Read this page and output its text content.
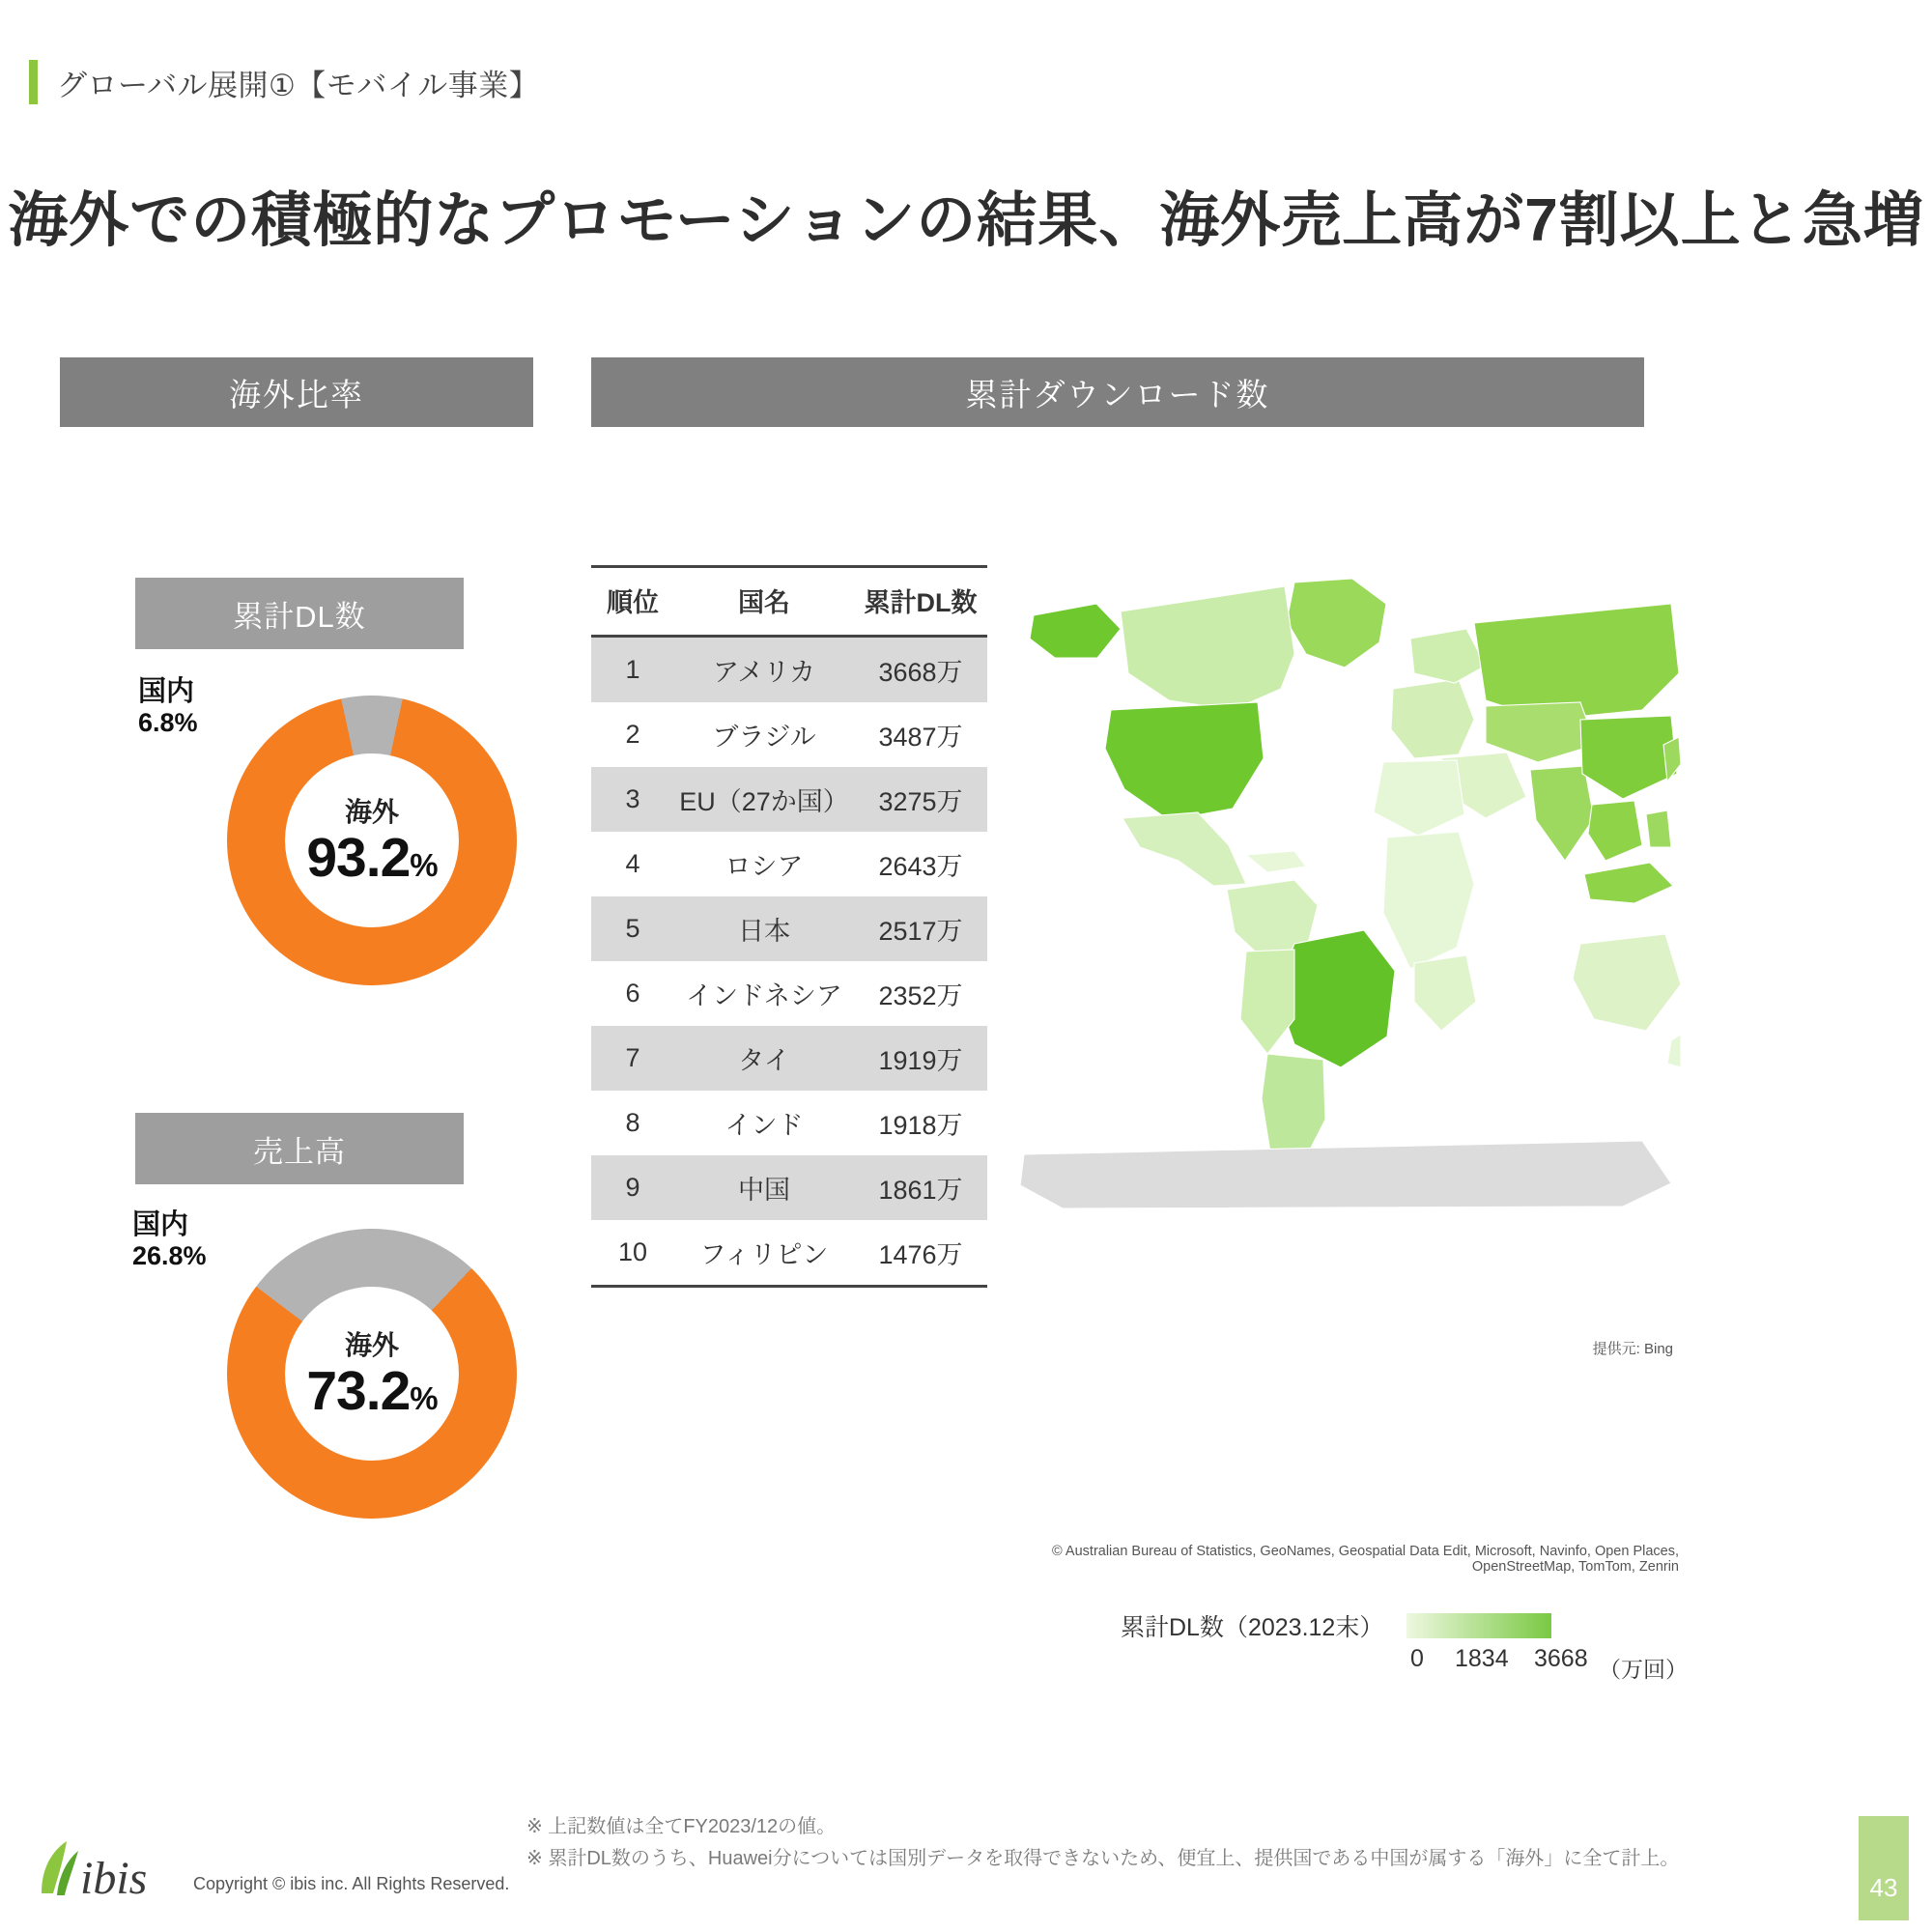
グローバル展開①【モバイル事業】
海外での積極的なプロモーションの結果、海外売上高が7割以上と急増
海外比率	累計ダウンロード数
累計DL数
売上高
国内
6.8%
海外
93.2%
国内
26.8%
海外
73.2%
順位	国名	累計DL数
1	アメリカ	3668万
2	ブラジル	3487万
3	EU（27か国）	3275万
4	ロシア	2643万
5	日本	2517万
6	インドネシア	2352万
7	タイ	1919万
8	インド	1918万
9	中国	1861万
10	フィリピン	1476万
提供元: Bing
© Australian Bureau of Statistics, GeoNames, Geospatial Data Edit, Microsoft, Navinfo, Open Places, OpenStreetMap, TomTom, Zenrin
累計DL数（2023.12末）
0 1834 3668 （万回）
※ 上記数値は全てFY2023/12の値。
※ 累計DL数のうち、Huawei分については国別データを取得できないため、便宜上、提供国である中国が属する「海外」に全て計上。
ibis	Copyright © ibis inc. All Rights Reserved.	43
